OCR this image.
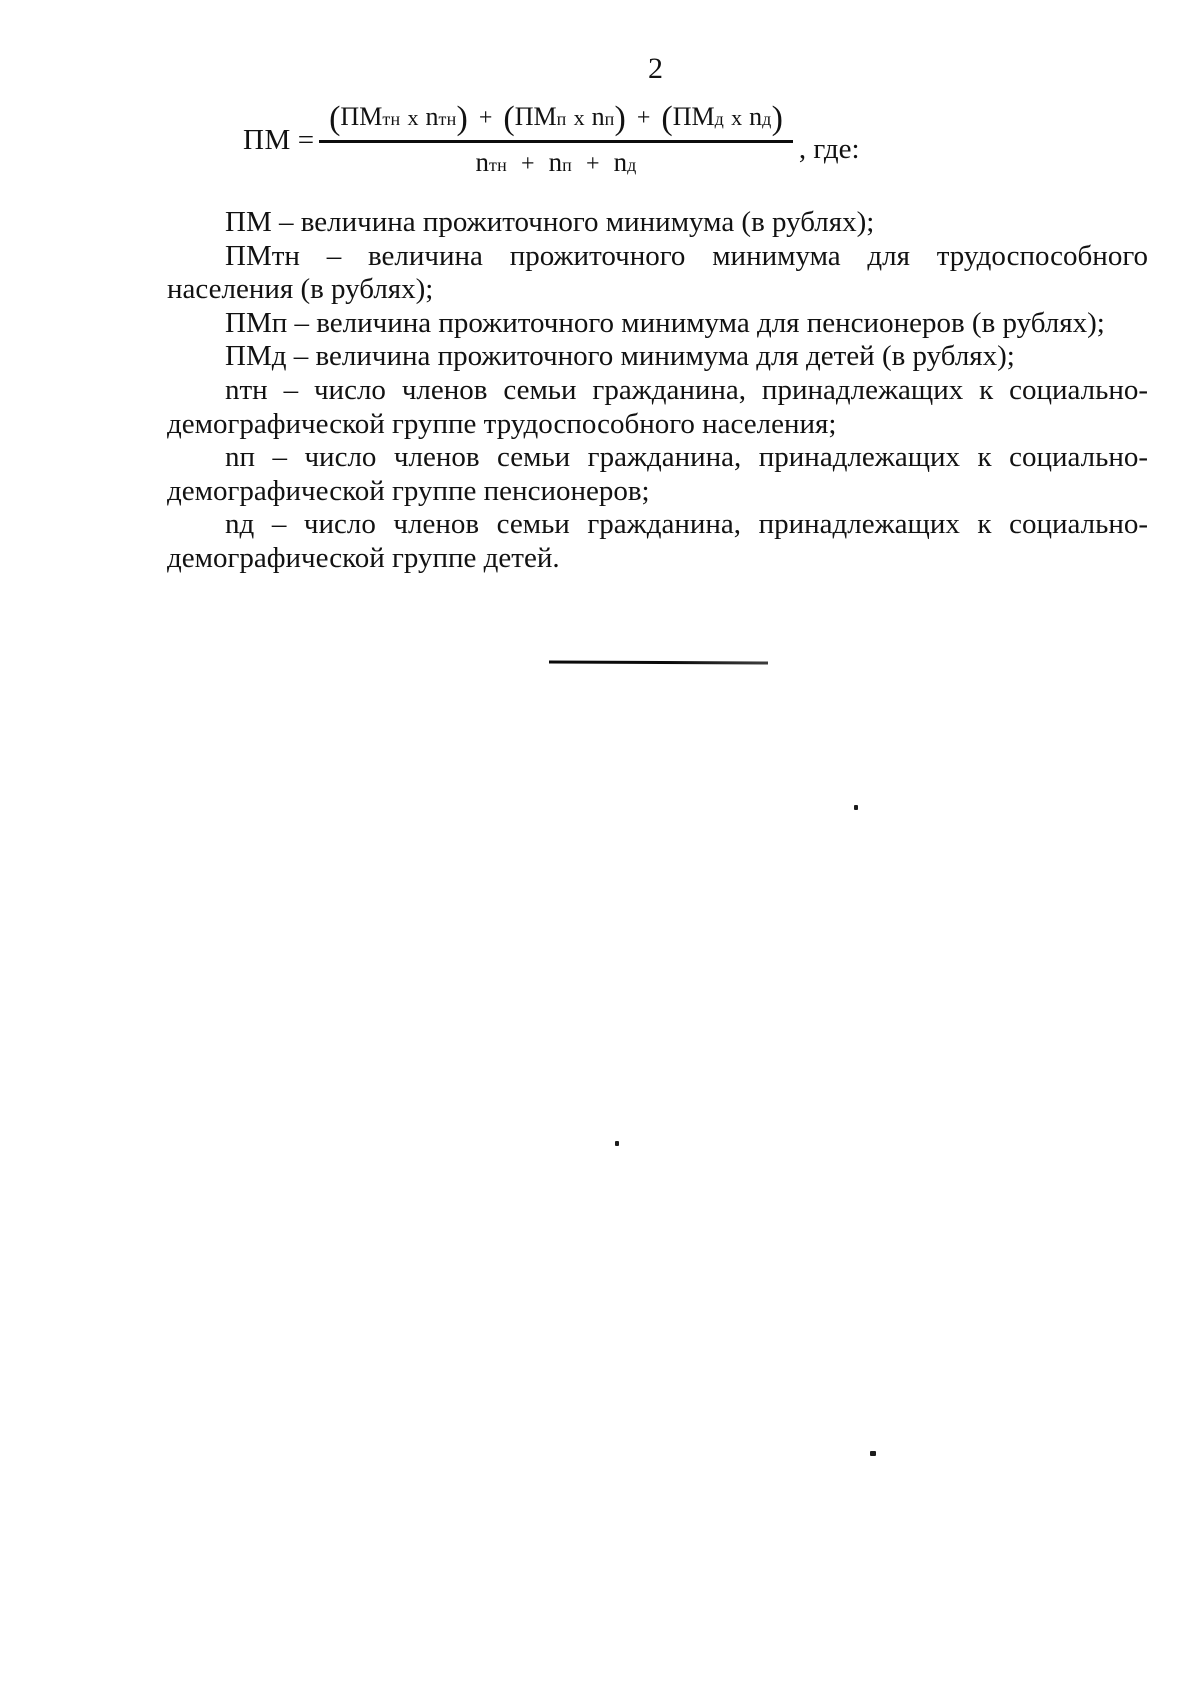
2
ПМ = $\frac{\text{(ПМтн x nтн) + (ПМп x nп) + (ПМд x nд)}}{\text{nтн + nп + nд}}$ , где:
ПМ – величина прожиточного минимума (в рублях);
ПМтн – величина прожиточного минимума для трудоспособного
населения (в рублях);
ПМп – величина прожиточного минимума для пенсионеров (в рублях);
ПМд – величина прожиточного минимума для детей (в рублях);
nтн – число членов семьи гражданина, принадлежащих к социально-
демографической группе трудоспособного населения;
nп – число членов семьи гражданина, принадлежащих к социально-
демографической группе пенсионеров;
nд – число членов семьи гражданина, принадлежащих к социально-
демографической группе детей.
